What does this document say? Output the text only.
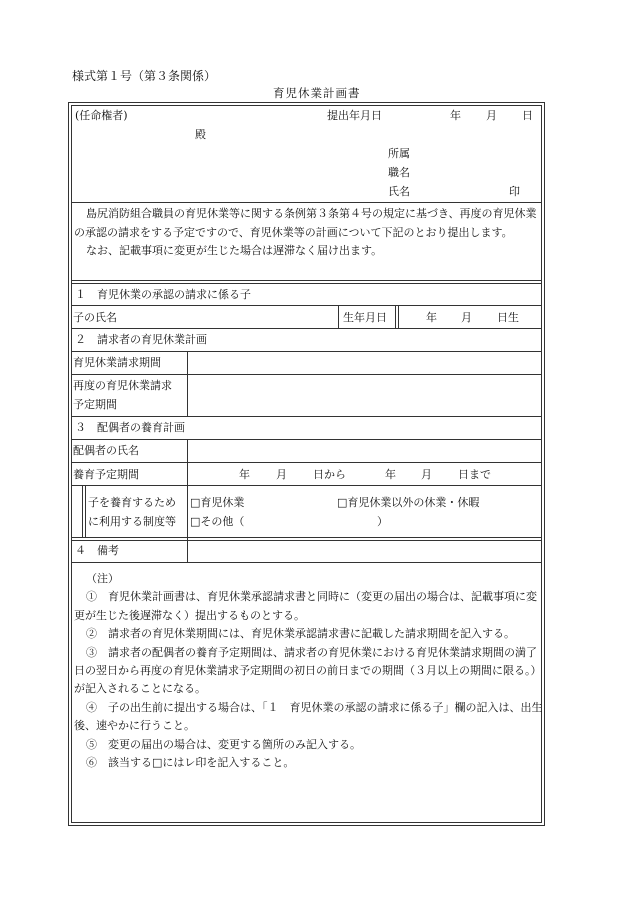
様式第１号（第３条関係）
育児休業計画書
(任命権者)	提出年月日	年 月 日
殿
所属
職名
氏名	印

島尻消防組合職員の育児休業等に関する条例第３条第４号の規定に基づき、再度の育児休業の承認の請求をする予定ですので、育児休業等の計画について下記のとおり提出します。

なお、記載事項に変更が生じた場合は遅滞なく届け出ます。

１　育児休業の承認の請求に係る子
子の氏名	生年月日	年 月 日生
２　請求者の育児休業計画
育児休業請求期間
再度の育児休業請求
予定期間
３　配偶者の養育計画
配偶者の氏名
養育予定期間	年 月 日から	年 月 日まで
子を養育するため
に利用する制度等
□育児休業	□育児休業以外の休業・休暇
□その他（	）
４　備考

（注）

①　育児休業計画書は、育児休業承認請求書と同時に（変更の届出の場合は、記載事項に変更が生じた後遅滞なく）提出するものとする。

②　請求者の育児休業期間には、育児休業承認請求書に記載した請求期間を記入する。

③　請求者の配偶者の養育予定期間は、請求者の育児休業における育児休業請求期間の満了日の翌日から再度の育児休業請求予定期間の初日の前日までの期間（３月以上の期間に限る。）が記入されることになる。

④　子の出生前に提出する場合は、「１　育児休業の承認の請求に係る子」欄の記入は、出生後、速やかに行うこと。

⑤　変更の届出の場合は、変更する箇所のみ記入する。

⑥　該当する□にはレ印を記入すること。
